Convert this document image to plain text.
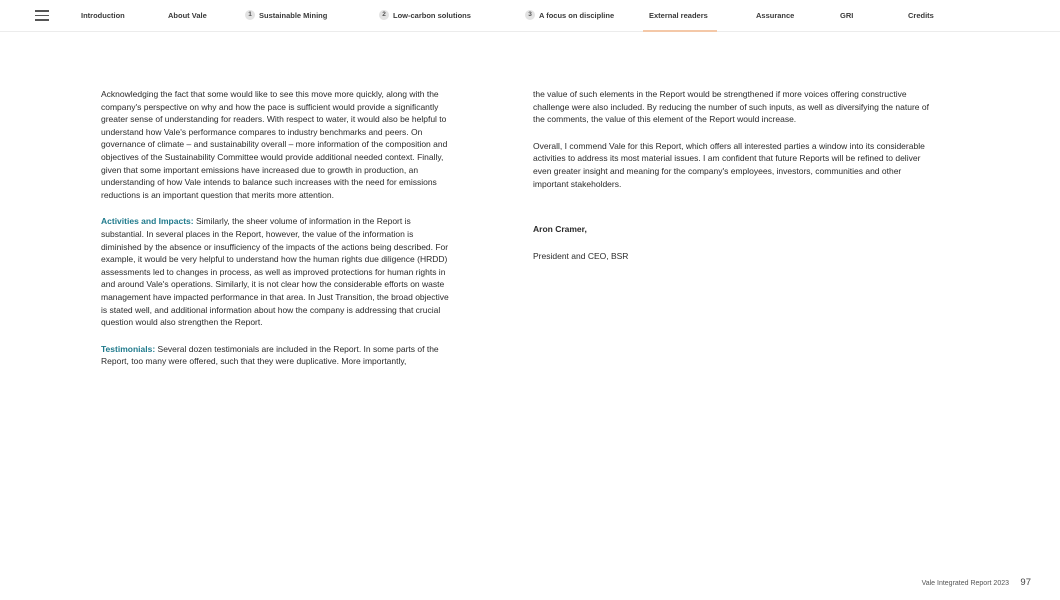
Introduction	About Vale	1 Sustainable Mining	2 Low-carbon solutions	3 A focus on discipline	External readers	Assurance	GRI	Credits

Acknowledging the fact that some would like to see this move more quickly, along with the company's perspective on why and how the pace is sufficient would provide a significantly greater sense of understanding for readers. With respect to water, it would also be helpful to understand how Vale's performance compares to industry benchmarks and peers. On governance of climate – and sustainability overall – more information of the composition and objectives of the Sustainability Committee would provide additional needed context. Finally, given that some important emissions have increased due to growth in production, an understanding of how Vale intends to balance such increases with the need for emissions reductions is an important question that merits more attention.

Activities and Impacts: Similarly, the sheer volume of information in the Report is substantial. In several places in the Report, however, the value of the information is diminished by the absence or insufficiency of the impacts of the actions being described. For example, it would be very helpful to understand how the human rights due diligence (HRDD) assessments led to changes in process, as well as improved protections for human rights in and around Vale's operations. Similarly, it is not clear how the considerable efforts on waste management have impacted performance in that area. In Just Transition, the broad objective is stated well, and additional information about how the company is addressing that crucial question would also strengthen the Report.

Testimonials: Several dozen testimonials are included in the Report. In some parts of the Report, too many were offered, such that they were duplicative. More importantly,

the value of such elements in the Report would be strengthened if more voices offering constructive challenge were also included. By reducing the number of such inputs, as well as diversifying the nature of the comments, the value of this element of the Report would increase.

Overall, I commend Vale for this Report, which offers all interested parties a window into its considerable activities to address its most material issues. I am confident that future Reports will be refined to deliver even greater insight and meaning for the company's employees, investors, communities and other important stakeholders.

Aron Cramer,

President and CEO, BSR

Vale Integrated Report 2023 97
